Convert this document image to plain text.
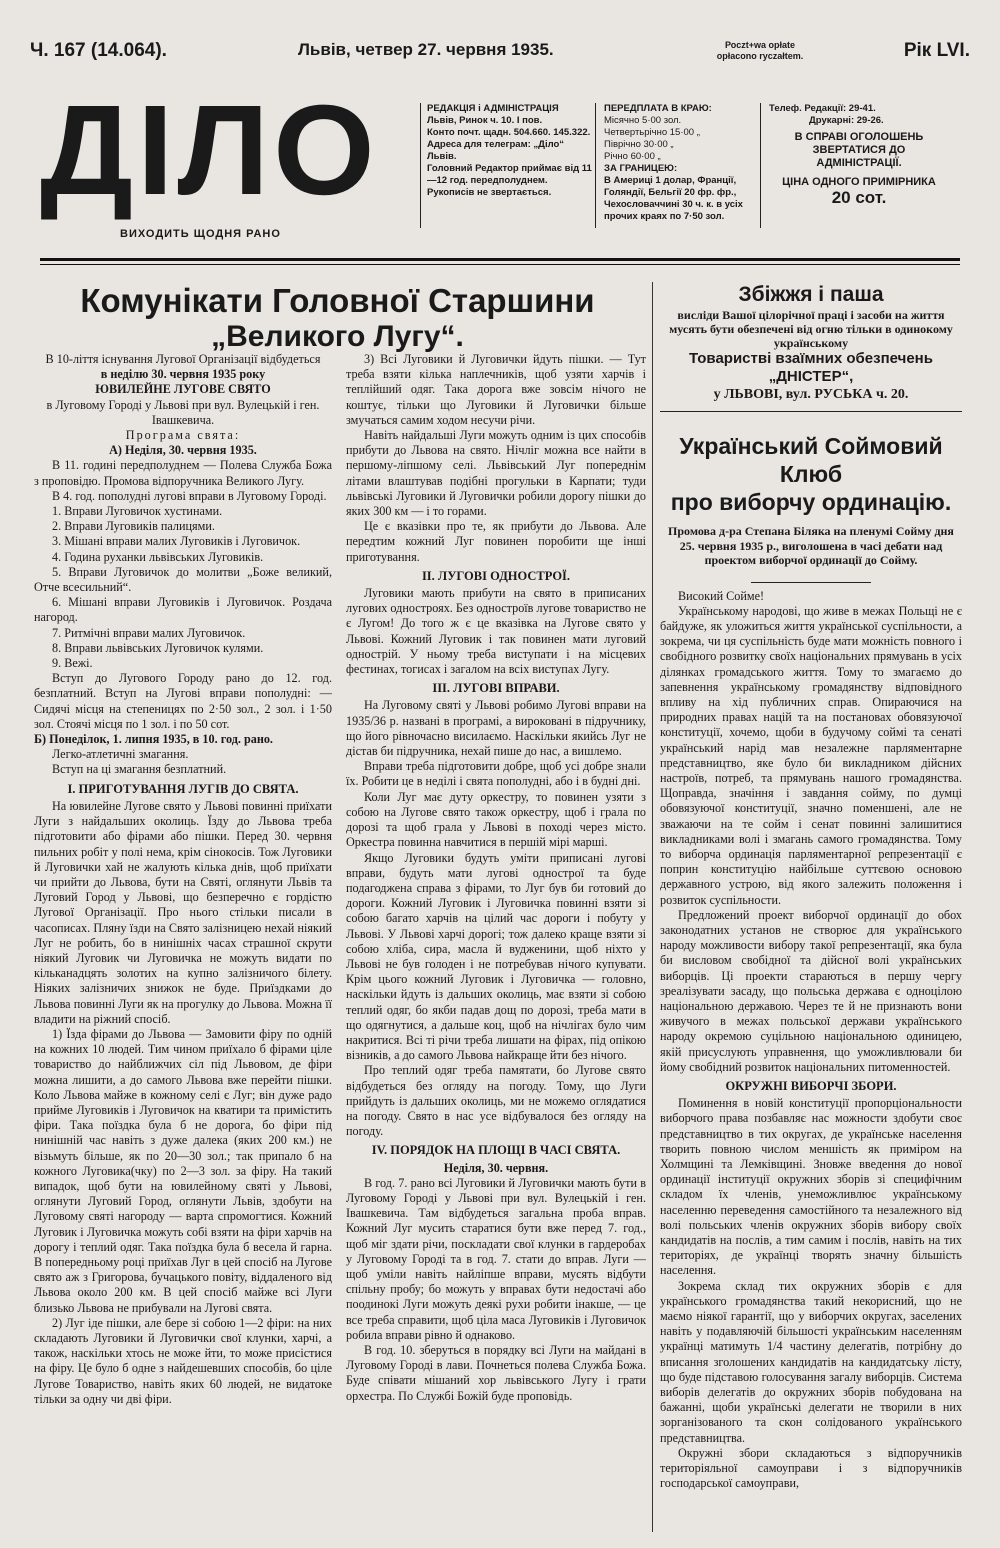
Ч. 167 (14.064).	Львів, четвер 27. червня 1935.	Роczt+wa opłate
opłacono ryczałtem.	Рік LVI.
ДІЛО
ВИХОДИТЬ ЩОДНЯ РАНО
РЕДАКЦІЯ і АДМІНІСТРАЦІЯ
Львів, Ринок ч. 10. І пов.
Конто почт. щадн. 504.660. 145.322.
Адреса для телеграм: „Діло“ Львів.
Головний Редактор приймає від 11—12 год. передполуднем.
Рукописів не звертається.
ПЕРЕДПЛАТА В КРАЮ:
Місячно 5·00 зол.
Четвертьрічно 15·00 „
Піврічно 30·00 „
Річно 60·00 „
ЗА ГРАНИЦЕЮ:
В Америці 1 долар, Франції, Голяндії, Бельгії 20 фр. фр., Чехословаччині 30 ч. к. в усіх прочих краях по 7·50 зол.
Телеф. Редакції: 29-41.
Друкарні: 29-26.
В СПРАВІ ОГОЛОШЕНЬ ЗВЕРТАТИСЯ ДО АДМІНІСТРАЦІЇ.
ЦІНА ОДНОГО ПРИМІРНИКА
20 сот.
Комунікати Головної Старшини
„Великого Лугу“.

В 10-ліття існування Лугової Організації відбудеться

в неділю 30. червня 1935 року

ЮВИЛЕЙНЕ ЛУГОВЕ СВЯТО

в Луговому Городі у Львові при вул. Вулецькій і ген. Івашкевича.

Програма свята:

А) Неділя, 30. червня 1935.

В 11. годині передполуднем — Полева Служба Божа з проповідю. Промова відпоручника Великого Лугу.

В 4. год. пополудні лугові вправи в Луговому Городі.

1. Вправи Луговичок хустинами.

2. Вправи Луговиків палицями.

3. Мішані вправи малих Луговиків і Луговичок.

4. Година руханки львівських Луговиків.

5. Вправи Луговичок до молитви „Боже великий, Отче всесильний“.

6. Мішані вправи Луговиків і Луговичок. Роздача нагород.

7. Ритмічні вправи малих Луговичок.

8. Вправи львівських Луговичок кулями.

9. Вежі.

Вступ до Лугового Городу рано до 12. год. безплатний. Вступ на Лугові вправи пополудні: — Сидячі місця на степеницях по 2·50 зол., 2 зол. і 1·50 зол. Стоячі місця по 1 зол. і по 50 сот.

Б) Понеділок, 1. липня 1935, в 10. год. рано.

Легко-атлетичні змагання.

Вступ на ці змагання безплатний.

I. ПРИГОТУВАННЯ ЛУГІВ ДО СВЯТА.

На ювилейне Лугове свято у Львові повинні приїхати Луги з найдальших околиць. Їзду до Львова треба підготовити або фірами або пішки. Перед 30. червня пильних робіт у полі нема, крім сінокосів. Тож Луговики й Луговички хай не жалують кілька днів, щоб приїхати чи прийти до Львова, бути на Святі, оглянути Львів та Луговий Город у Львові, що безперечно є гордістю Лугової Організації. Про нього стільки писали в часописах. Пляну їзди на Свято залізницею нехай ніякий Луг не робить, бо в нинішніх часах страшної скрути ніякий Луговик чи Луговичка не можуть видати по кільканадцять золотих на купно залізничого білету. Ніяких залізничих знижок не буде. Приїздками до Львова повинні Луги як на прогулку до Львова. Можна її владити на ріжний спосіб.

1) Їзда фірами до Львова — Замовити фіру по одній на кожних 10 людей. Тим чином приїхало б фірами ціле товариство до найближчих сіл під Львовом, де фіри можна лишити, а до самого Львова вже перейти пішки. Коло Львова майже в кожному селі є Луг; він дуже радо прийме Луговиків і Луговичок на кватири та примістить фіри. Така поїздка була б не дорога, бо фіри під нинішній час навіть з дуже далека (яких 200 км.) не візьмуть більше, як по 20—30 зол.; так припало б на кожного Луговика(чку) по 2—3 зол. за фіру. На такий випадок, щоб бути на ювилейному святі у Львові, оглянути Луговий Город, оглянути Львів, здобути на Луговому святі нагороду — варта спромогтися. Кожний Луговик і Луговичка можуть собі взяти на фіри харчів на дорогу і теплий одяг. Така поїздка була б весела й гарна. В попередньому році приїхав Луг в цей спосіб на Лугове свято аж з Григорова, бучацького повіту, віддаленого від Львова около 200 км. В цей спосіб майже всі Луги близько Львова не прибували на Лугові свята.

2) Луг іде пішки, але бере зі собою 1—2 фіри: на них складають Луговики й Луговички свої клунки, харчі, а також, наскільки хтось не може йти, то може присістися на фіру. Це було б одне з найдешевших способів, бо ціле Лугове Товариство, навіть яких 60 людей, не видатоке тільки за одну чи дві фіри.

3) Всі Луговики й Луговички йдуть пішки. — Тут треба взяти кілька наплечників, щоб узяти харчів і теплійший одяг. Така дорога вже зовсім нічого не коштує, тільки що Луговики й Луговички більше змучаться самим ходом несучи річи.

Навіть найдальші Луги можуть одним із цих способів прибути до Львова на свято. Нічліг можна все найти в першому-ліпшому селі. Львівський Луг попереднім літами влаштував подібні прогульки в Карпати; туди львівські Луговики й Луговички робили дорогу пішки до яких 300 км — і то горами.

Це є вказівки про те, як прибути до Львова. Але передтим кожний Луг повинен поробити ще інші приготування.

II. ЛУГОВІ ОДНОСТРОЇ.

Луговики мають прибути на свято в приписаних лугових одностроях. Без одностроїв лугове товариство не є Лугом! До того ж є це вказівка на Лугове свято у Львові. Кожний Луговик і так повинен мати луговий однострій. У ньому треба виступати і на місцевих фестинах, тогисах і загалом на всіх виступах Лугу.

III. ЛУГОВІ ВПРАВИ.

На Луговому святі у Львові робимо Лугові вправи на 1935/36 р. названі в програмі, а вироковані в підручнику, що його рівночасно висилаємо. Наскільки якийсь Луг не дістав би підручника, нехай пише до нас, а вишлемо.

Вправи треба підготовити добре, щоб усі добре знали їх. Робити це в неділі і свята пополудні, або і в будні дні.

Коли Луг має дуту оркестру, то повинен узяти з собою на Лугове свято також оркестру, щоб і грала по дорозі та щоб грала у Львові в поході через місто. Оркестра повинна навчитися в першій мірі марші.

Якщо Луговики будуть уміти приписані лугові вправи, будуть мати лугові однострої та буде подагоджена справа з фірами, то Луг був би готовий до дороги. Кожний Луговик і Луговичка повинні взяти зі собою багато харчів на цілий час дороги і побуту у Львові. У Львові харчі дорогі; тож далеко краще взяти зі собою хліба, сира, масла й вудженини, щоб ніхто у Львові не був голоден і не потребував нічого купувати. Крім цього кожний Луговик і Луговичка — головно, наскільки йдуть із дальших околиць, має взяти зі собою теплий одяг, бо якби падав дощ по дорозі, треба мати в що одягнутися, а дальше коц, щоб на нічлігах було чим накритися. Всі ті річи треба лишати на фірах, під опікою візників, а до самого Львова найкраще йти без нічого.

Про теплий одяг треба памятати, бо Лугове свято відбудеться без огляду на погоду. Тому, що Луги прийдуть із дальших околиць, ми не можемо оглядатися на погоду. Свято в нас усе відбувалося без огляду на погоду.

IV. ПОРЯДОК НА ПЛОЩІ В ЧАСІ СВЯТА.

Неділя, 30. червня.

В год. 7. рано всі Луговики й Луговички мають бути в Луговому Городі у Львові при вул. Вулецькій і ген. Івашкевича. Там відбудеться загальна проба вправ. Кожний Луг мусить старатися бути вже перед 7. год., щоб міг здати річи, поскладати свої клунки в гардеробах у Луговому Городі та в год. 7. стати до вправ. Луги — щоб уміли навіть найліпше вправи, мусять відбути спільну пробу; бо можуть у вправах бути недостачі або поодинокі Луги можуть деякі рухи робити інакше, — це все треба справити, щоб ціла маса Луговиків і Луговичок робила вправи рівно й однаково.

В год. 10. зберуться в порядку всі Луги на майдані в Луговому Городі в лави. Почнеться полева Служба Божа. Буде співати мішаний хор львівського Лугу і грати орхестра. По Службі Божій буде проповідь.

Збіжжя і паша
висліди Вашої цілорічної праці і засоби на життя мусять бути обезпечені від огню тільки в одинокому українському
Товаристві взаїмних обезпечень „ДНІСТЕР“,
у ЛЬВОВІ, вул. РУСЬКА ч. 20.
Український Соймовий Клюб
про виборчу ординацію.
Промова д-ра Степана Біляка на пленумі Сойму дня 25. червня 1935 р., виголошена в часі дебати над проектом виборчої ординації до Сойму.

Високий Сойме!

Українському народові, що живе в межах Польщі не є байдуже, як уложиться життя української суспільности, а зокрема, чи ця суспільність буде мати можність повного і свобідного розвитку своїх національних прямувань в усіх ділянках громадського життя. Тому то змагаємо до запевнення українському громадянству відповідного впливу на хід публичних справ. Опираючися на природних правах націй та на постановах обовязуючої конституції, хочемо, щоби в будучому соймі та сенаті український нарід мав незалежне парляментарне представництво, яке було би викладником дійсних настроїв, потреб, та прямувань нашого громадянства. Щоправда, значіння і завдання сойму, по думці обовязуючої конституції, значно поменшені, але не зважаючи на те сойм і сенат повинні залишитися викладниками волі і змагань самого громадянства. Тому то виборча ординація парляментарної репрезентації є поприн конституцію найбільше суттєвою основою державного устрою, від якого залежить положення і розвиток суспільности.

Предложений проект виборчої ординації до обох законодатних установ не створює для українського народу можливости вибору такої репрезентації, яка була би висловом свобідної та дійсної волі українських виборців. Ці проекти стараються в першу чергу зреалізувати засаду, що польська держава є одноцілою національною державою. Через те й не признають вони живучого в межах польської держави українського народу окремою суцільною національною одиницею, якій присуслують управнення, що уможливлювали би йому свобідний розвиток національних питоменностей.

ОКРУЖНІ ВИБОРЧІ ЗБОРИ.

Поминення в новій конституції пропорціональности виборчого права позбавляє нас можности здобути своє представництво в тих округах, де українське населення творить повною числом меншість як приміром на Холмщині та Лемківщині. Зновже введення до нової ординації інституції окружних зборів зі специфічним складом їх членів, унеможливлює українському населенню переведення самостійного та незалежного від волі польських членів окружних зборів вибору своїх кандидатів на послів, а тим самим і послів, навіть на тих територіях, де українці творять значну більшість населення.

Зокрема склад тих окружних зборів є для українського громадянства такий некорисний, що не маємо ніякої гарантії, що у виборчих округах, заселених навіть у подавляючій більшості українським населенням українці матимуть 1/4 частину делегатів, потрібну до вписання зголошених кандидатів на кандидатську лісту, що буде підставою голосування загалу виборців. Система виборів делегатів до окружних зборів побудована на бажанні, щоби українські делегати не творили в них зорганізованого та скон солідованого українського представництва.

Окружні збори складаються з відпоручників територіяльної самоуправи і з відпоручників господарської самоуправи,
